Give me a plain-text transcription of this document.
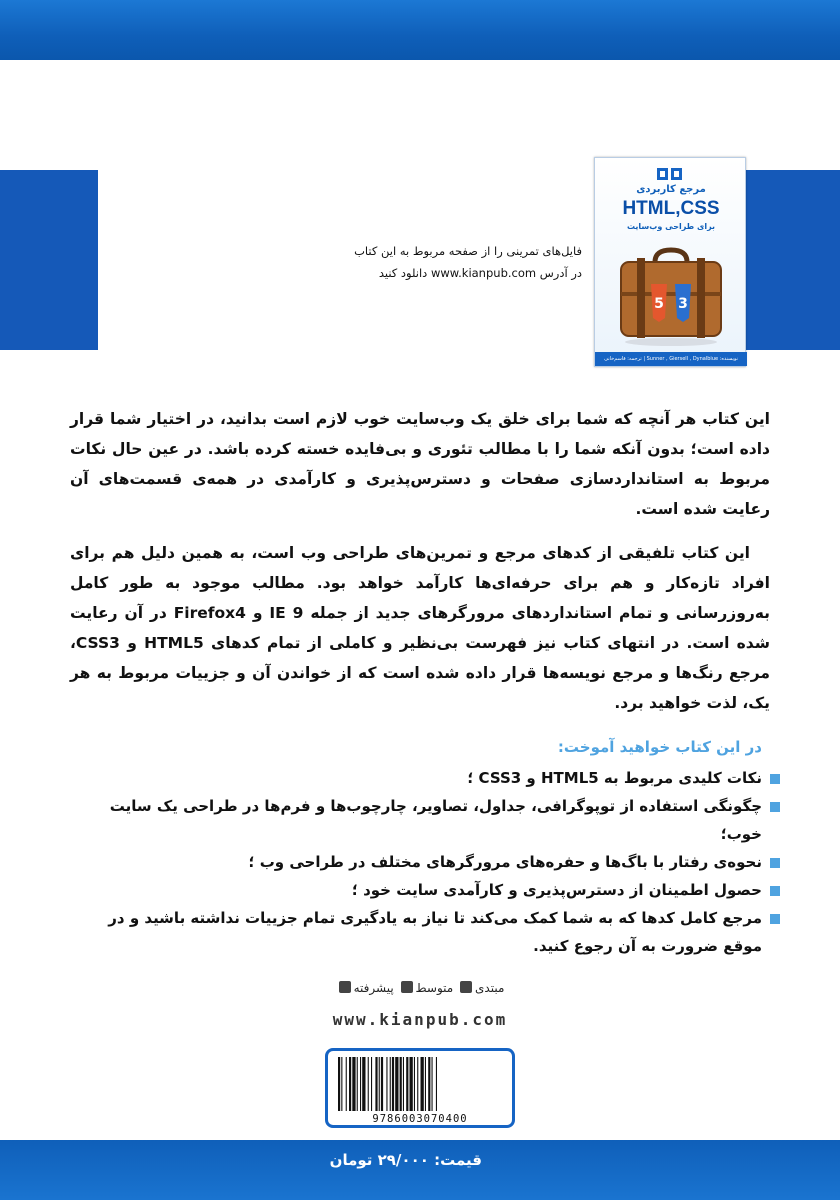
مرجع کاربردی
HTML,CSS
برای طراحی وب‌سایت
5 3
نویسنده: Sunner , Giersell , Dynalbiue | ترجمه: قاسم‌خانی
فایل‌های تمرینی را از صفحه مربوط به این کتاب
در آدرس www.kianpub.com دانلود کنید

این کتاب هر آنچه که شما برای خلق یک وب‌سایت خوب لازم است بدانید، در اختیار شما قرار داده است؛ بدون آنکه شما را با مطالب تئوری و بی‌فایده خسته کرده باشد. در عین حال نکات مربوط به استانداردسازی صفحات و دسترس‌پذیری و کارآمدی در همه‌ی قسمت‌های آن رعایت شده است.

این کتاب تلفیقی از کدهای مرجع و تمرین‌های طراحی وب است، به همین دلیل هم برای افراد تازه‌کار و هم برای حرفه‌ای‌ها کارآمد خواهد بود. مطالب موجود به طور کامل به‌روزرسانی و تمام استانداردهای مرورگرهای جدید از جمله IE 9 و Firefox4 در آن رعایت شده است. در انتهای کتاب نیز فهرست بی‌نظیر و کاملی از تمام کدهای HTML5 و CSS3، مرجع رنگ‌ها و مرجع نویسه‌ها قرار داده شده است که از خواندن آن و جزییات مربوط به هر یک، لذت خواهید برد.

در این کتاب خواهید آموخت:
نکات کلیدی مربوط به HTML5 و CSS3 ؛
چگونگی استفاده از توپوگرافی، جداول، تصاویر، چارچوب‌ها و فرم‌ها در طراحی یک سایت خوب؛
نحوه‌ی رفتار با باگ‌ها و حفره‌های مرورگرهای مختلف در طراحی وب ؛
حصول اطمینان از دسترس‌پذیری و کارآمدی سایت خود ؛
مرجع کامل کدها که به شما کمک می‌کند تا نیاز به یادگیری تمام جزییات نداشته باشید و در موقع ضرورت به آن رجوع کنید.
مبتدی متوسط پیشرفته
www.kianpub.com
9786003070400
قیمت: ۲۹/۰۰۰ تومان
